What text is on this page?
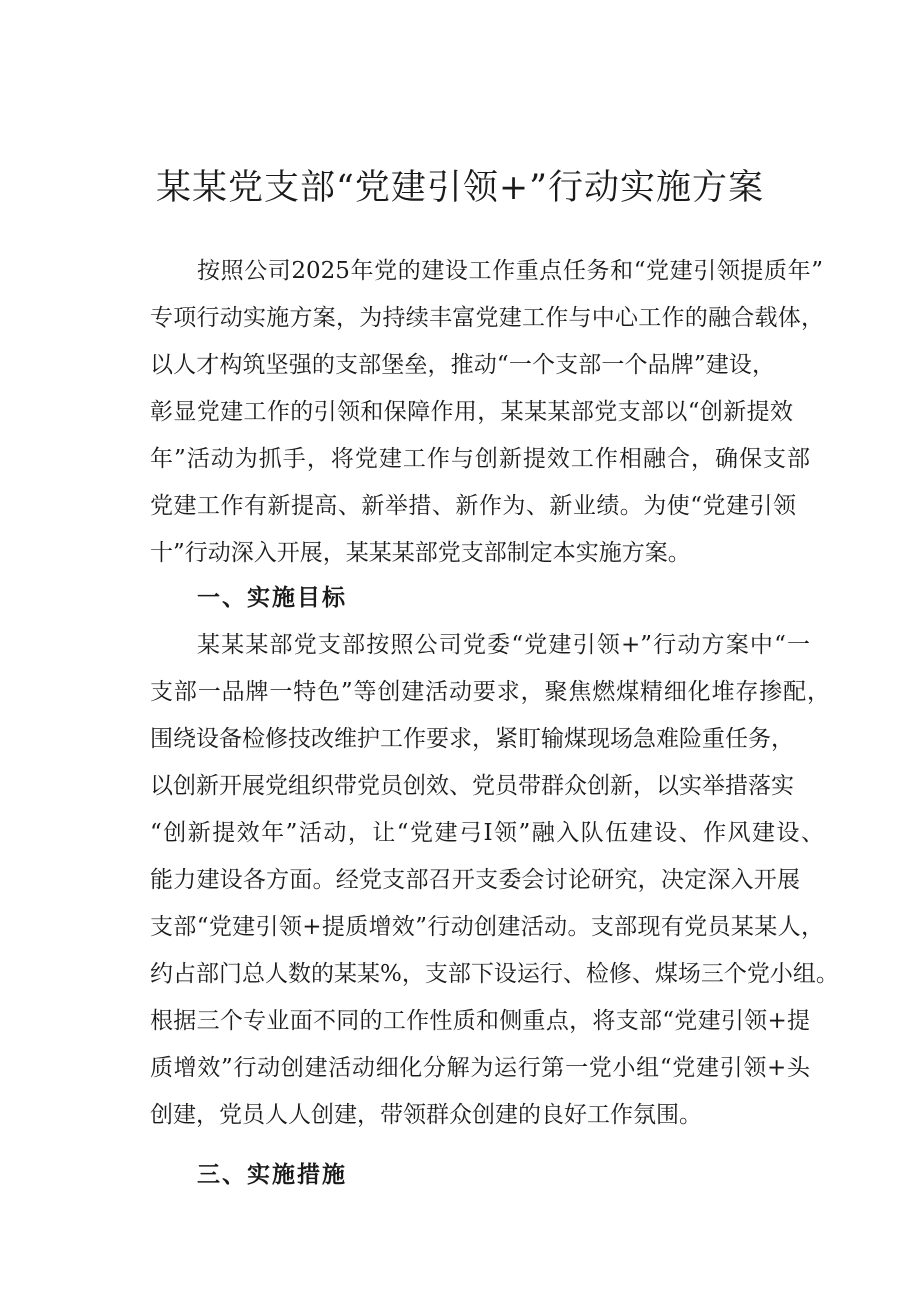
某某党支部“党建引领+”行动实施方案
按照公司2025年党的建设工作重点任务和“党建引领提质年”
专项行动实施方案，为持续丰富党建工作与中心工作的融合载体，
以人才构筑坚强的支部堡垒，推动“一个支部一个品牌”建设，
彰显党建工作的引领和保障作用，某某某部党支部以“创新提效
年”活动为抓手，将党建工作与创新提效工作相融合，确保支部
党建工作有新提高、新举措、新作为、新业绩。为使“党建引领
十”行动深入开展，某某某部党支部制定本实施方案。
一、实施目标
某某某部党支部按照公司党委“党建引领+”行动方案中“一
支部一品牌一特色”等创建活动要求，聚焦燃煤精细化堆存掺配，
围绕设备检修技改维护工作要求，紧盯输煤现场急难险重任务，
以创新开展党组织带党员创效、党员带群众创新，以实举措落实
“创新提效年”活动，让“党建弓I领”融入队伍建设、作风建设、
能力建设各方面。经党支部召开支委会讨论研究，决定深入开展
支部“党建引领+提质增效”行动创建活动。支部现有党员某某人，
约占部门总人数的某某%，支部下设运行、检修、煤场三个党小组。
根据三个专业面不同的工作性质和侧重点，将支部“党建引领+提
质增效”行动创建活动细化分解为运行第一党小组“党建引领+头
创建，党员人人创建，带领群众创建的良好工作氛围。
三、实施措施
